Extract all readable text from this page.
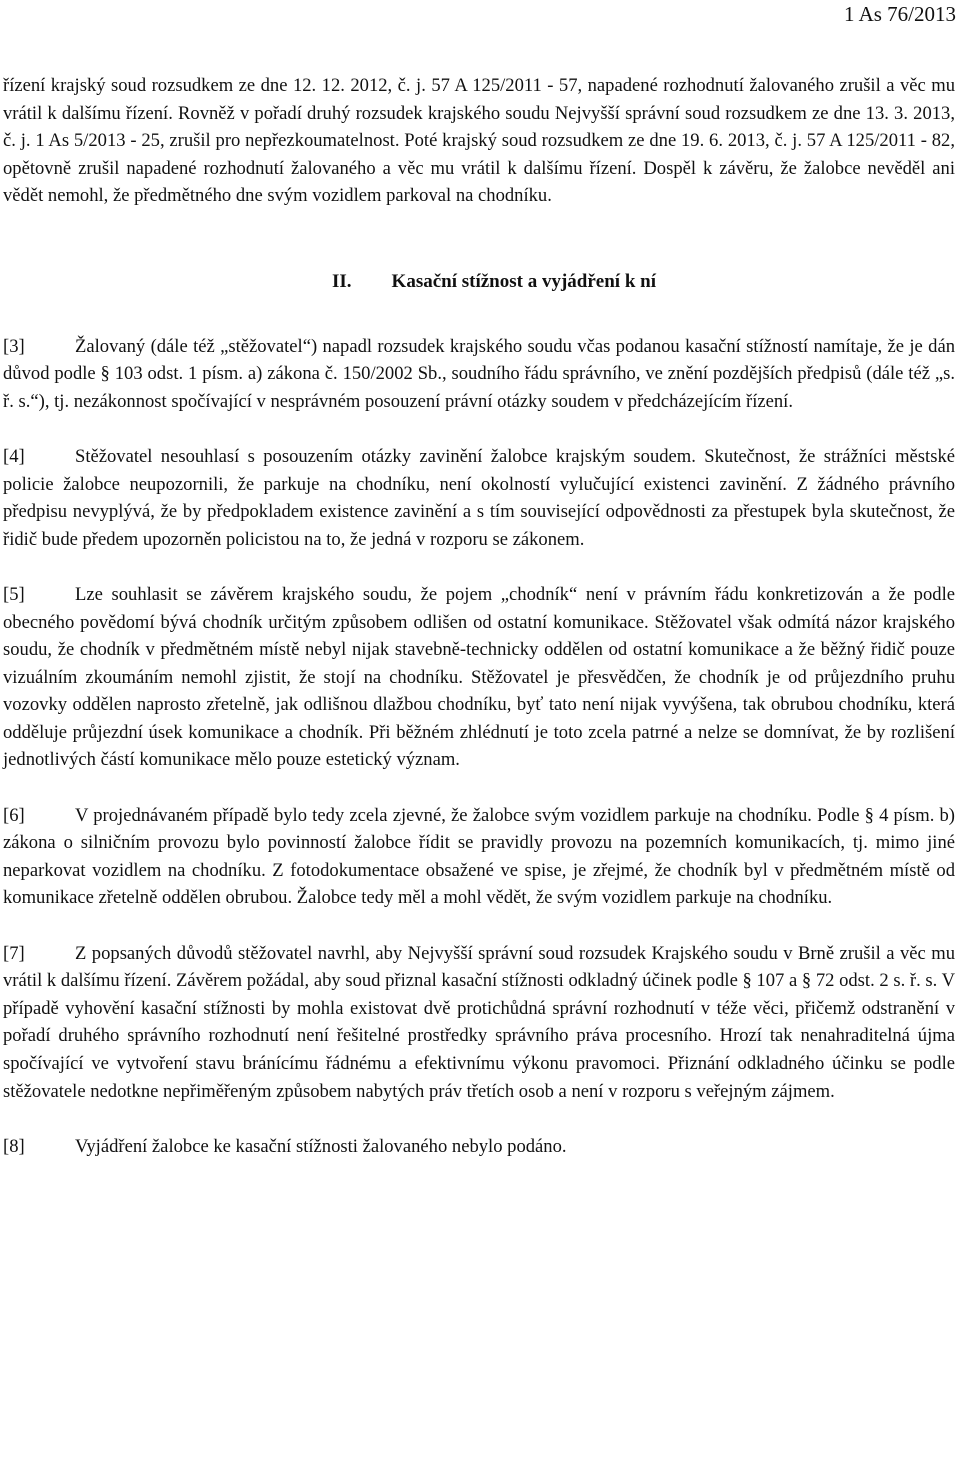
1 As 76/2013

řízení krajský soud rozsudkem ze dne 12. 12. 2012, č. j. 57 A 125/2011 - 57, napadené rozhodnutí žalovaného zrušil a věc mu vrátil k dalšímu řízení. Rovněž v pořadí druhý rozsudek krajského soudu Nejvyšší správní soud rozsudkem ze dne 13. 3. 2013, č. j. 1 As 5/2013 - 25, zrušil pro nepřezkoumatelnost. Poté krajský soud rozsudkem ze dne 19. 6. 2013, č. j. 57 A 125/2011 - 82, opětovně zrušil napadené rozhodnutí žalovaného a věc mu vrátil k dalšímu řízení. Dospěl k závěru, že žalobce nevěděl ani vědět nemohl, že předmětného dne svým vozidlem parkoval na chodníku.

II. Kasační stížnost a vyjádření k ní

[3]	Žalovaný (dále též „stěžovatel“) napadl rozsudek krajského soudu včas podanou kasační stížností namítaje, že je dán důvod podle § 103 odst. 1 písm. a) zákona č. 150/2002 Sb., soudního řádu správního, ve znění pozdějších předpisů (dále též „s. ř. s.“), tj. nezákonnost spočívající v nesprávném posouzení právní otázky soudem v předcházejícím řízení.

[4]	Stěžovatel nesouhlasí s posouzením otázky zavinění žalobce krajským soudem. Skutečnost, že strážníci městské policie žalobce neupozornili, že parkuje na chodníku, není okolností vylučující existenci zavinění. Z žádného právního předpisu nevyplývá, že by předpokladem existence zavinění a s tím související odpovědnosti za přestupek byla skutečnost, že řidič bude předem upozorněn policistou na to, že jedná v rozporu se zákonem.

[5]	Lze souhlasit se závěrem krajského soudu, že pojem „chodník“ není v právním řádu konkretizován a že podle obecného povědomí bývá chodník určitým způsobem odlišen od ostatní komunikace. Stěžovatel však odmítá názor krajského soudu, že chodník v předmětném místě nebyl nijak stavebně-technicky oddělen od ostatní komunikace a že běžný řidič pouze vizuálním zkoumáním nemohl zjistit, že stojí na chodníku. Stěžovatel je přesvědčen, že chodník je od průjezdního pruhu vozovky oddělen naprosto zřetelně, jak odlišnou dlažbou chodníku, byť tato není nijak vyvýšena, tak obrubou chodníku, která odděluje průjezdní úsek komunikace a chodník. Při běžném zhlédnutí je toto zcela patrné a nelze se domnívat, že by rozlišení jednotlivých částí komunikace mělo pouze estetický význam.

[6]	V projednávaném případě bylo tedy zcela zjevné, že žalobce svým vozidlem parkuje na chodníku. Podle § 4 písm. b) zákona o silničním provozu bylo povinností žalobce řídit se pravidly provozu na pozemních komunikacích, tj. mimo jiné neparkovat vozidlem na chodníku. Z fotodokumentace obsažené ve spise, je zřejmé, že chodník byl v předmětném místě od komunikace zřetelně oddělen obrubou. Žalobce tedy měl a mohl vědět, že svým vozidlem parkuje na chodníku.

[7]	Z popsaných důvodů stěžovatel navrhl, aby Nejvyšší správní soud rozsudek Krajského soudu v Brně zrušil a věc mu vrátil k dalšímu řízení. Závěrem požádal, aby soud přiznal kasační stížnosti odkladný účinek podle § 107 a § 72 odst. 2 s. ř. s. V případě vyhovění kasační stížnosti by mohla existovat dvě protichůdná správní rozhodnutí v téže věci, přičemž odstranění v pořadí druhého správního rozhodnutí není řešitelné prostředky správního práva procesního. Hrozí tak nenahraditelná újma spočívající ve vytvoření stavu bránícímu řádnému a efektivnímu výkonu pravomoci. Přiznání odkladného účinku se podle stěžovatele nedotkne nepřiměřeným způsobem nabytých práv třetích osob a není v rozporu s veřejným zájmem.

[8]	Vyjádření žalobce ke kasační stížnosti žalovaného nebylo podáno.
